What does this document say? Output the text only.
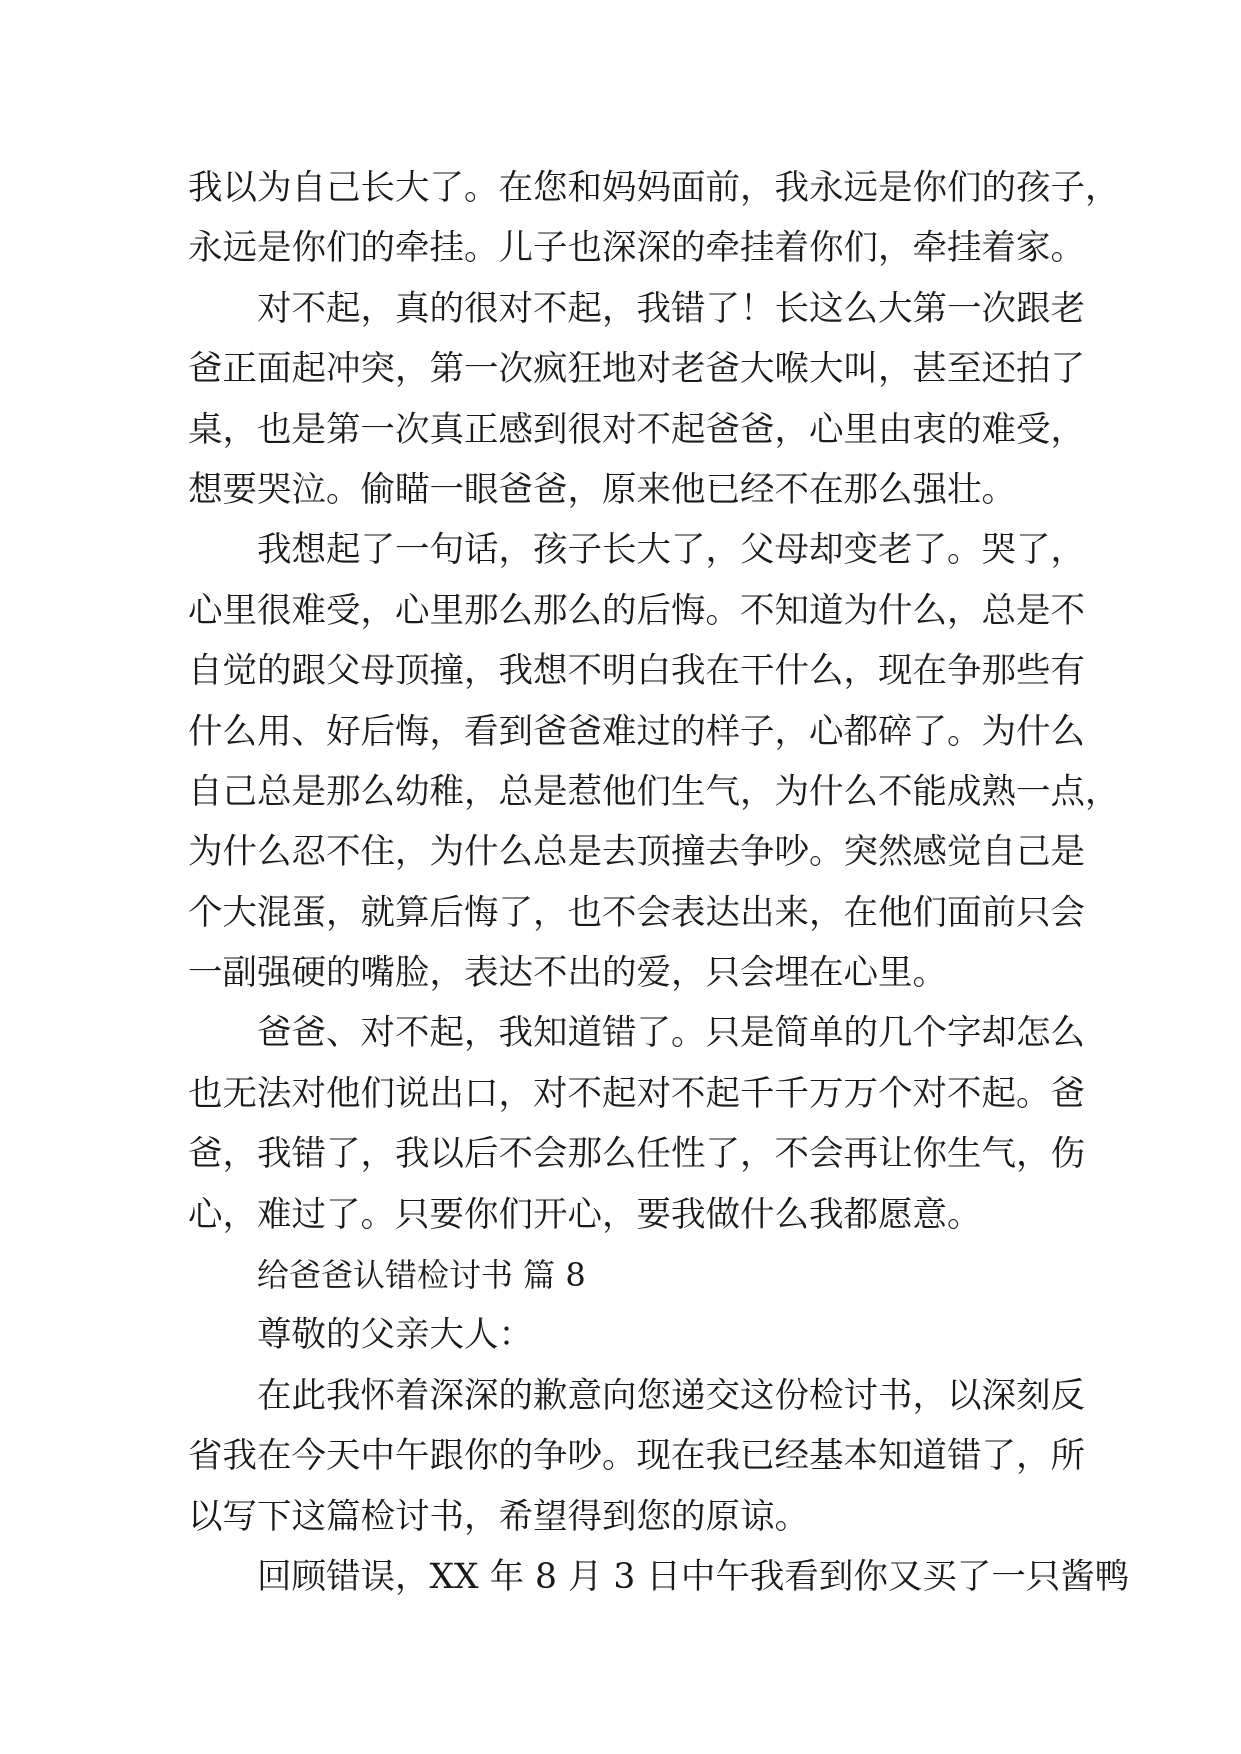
我以为自己长大了。在您和妈妈面前，我永远是你们的孩子，
永远是你们的牵挂。儿子也深深的牵挂着你们，牵挂着家。
对不起，真的很对不起，我错了！长这么大第一次跟老
爸正面起冲突，第一次疯狂地对老爸大喉大叫，甚至还拍了
桌，也是第一次真正感到很对不起爸爸，心里由衷的难受，
想要哭泣。偷瞄一眼爸爸，原来他已经不在那么强壮。
我想起了一句话，孩子长大了，父母却变老了。哭了，
心里很难受，心里那么那么的后悔。不知道为什么，总是不
自觉的跟父母顶撞，我想不明白我在干什么，现在争那些有
什么用、好后悔，看到爸爸难过的样子，心都碎了。为什么
自己总是那么幼稚，总是惹他们生气，为什么不能成熟一点，
为什么忍不住，为什么总是去顶撞去争吵。突然感觉自己是
个大混蛋，就算后悔了，也不会表达出来，在他们面前只会
一副强硬的嘴脸，表达不出的爱，只会埋在心里。
爸爸、对不起，我知道错了。只是简单的几个字却怎么
也无法对他们说出口，对不起对不起千千万万个对不起。爸
爸，我错了，我以后不会那么任性了，不会再让你生气，伤
心，难过了。只要你们开心，要我做什么我都愿意。
给爸爸认错检讨书 篇 8
尊敬的父亲大人：
在此我怀着深深的歉意向您递交这份检讨书，以深刻反
省我在今天中午跟你的争吵。现在我已经基本知道错了，所
以写下这篇检讨书，希望得到您的原谅。
回顾错误，XX 年 8 月 3 日中午我看到你又买了一只酱鸭
